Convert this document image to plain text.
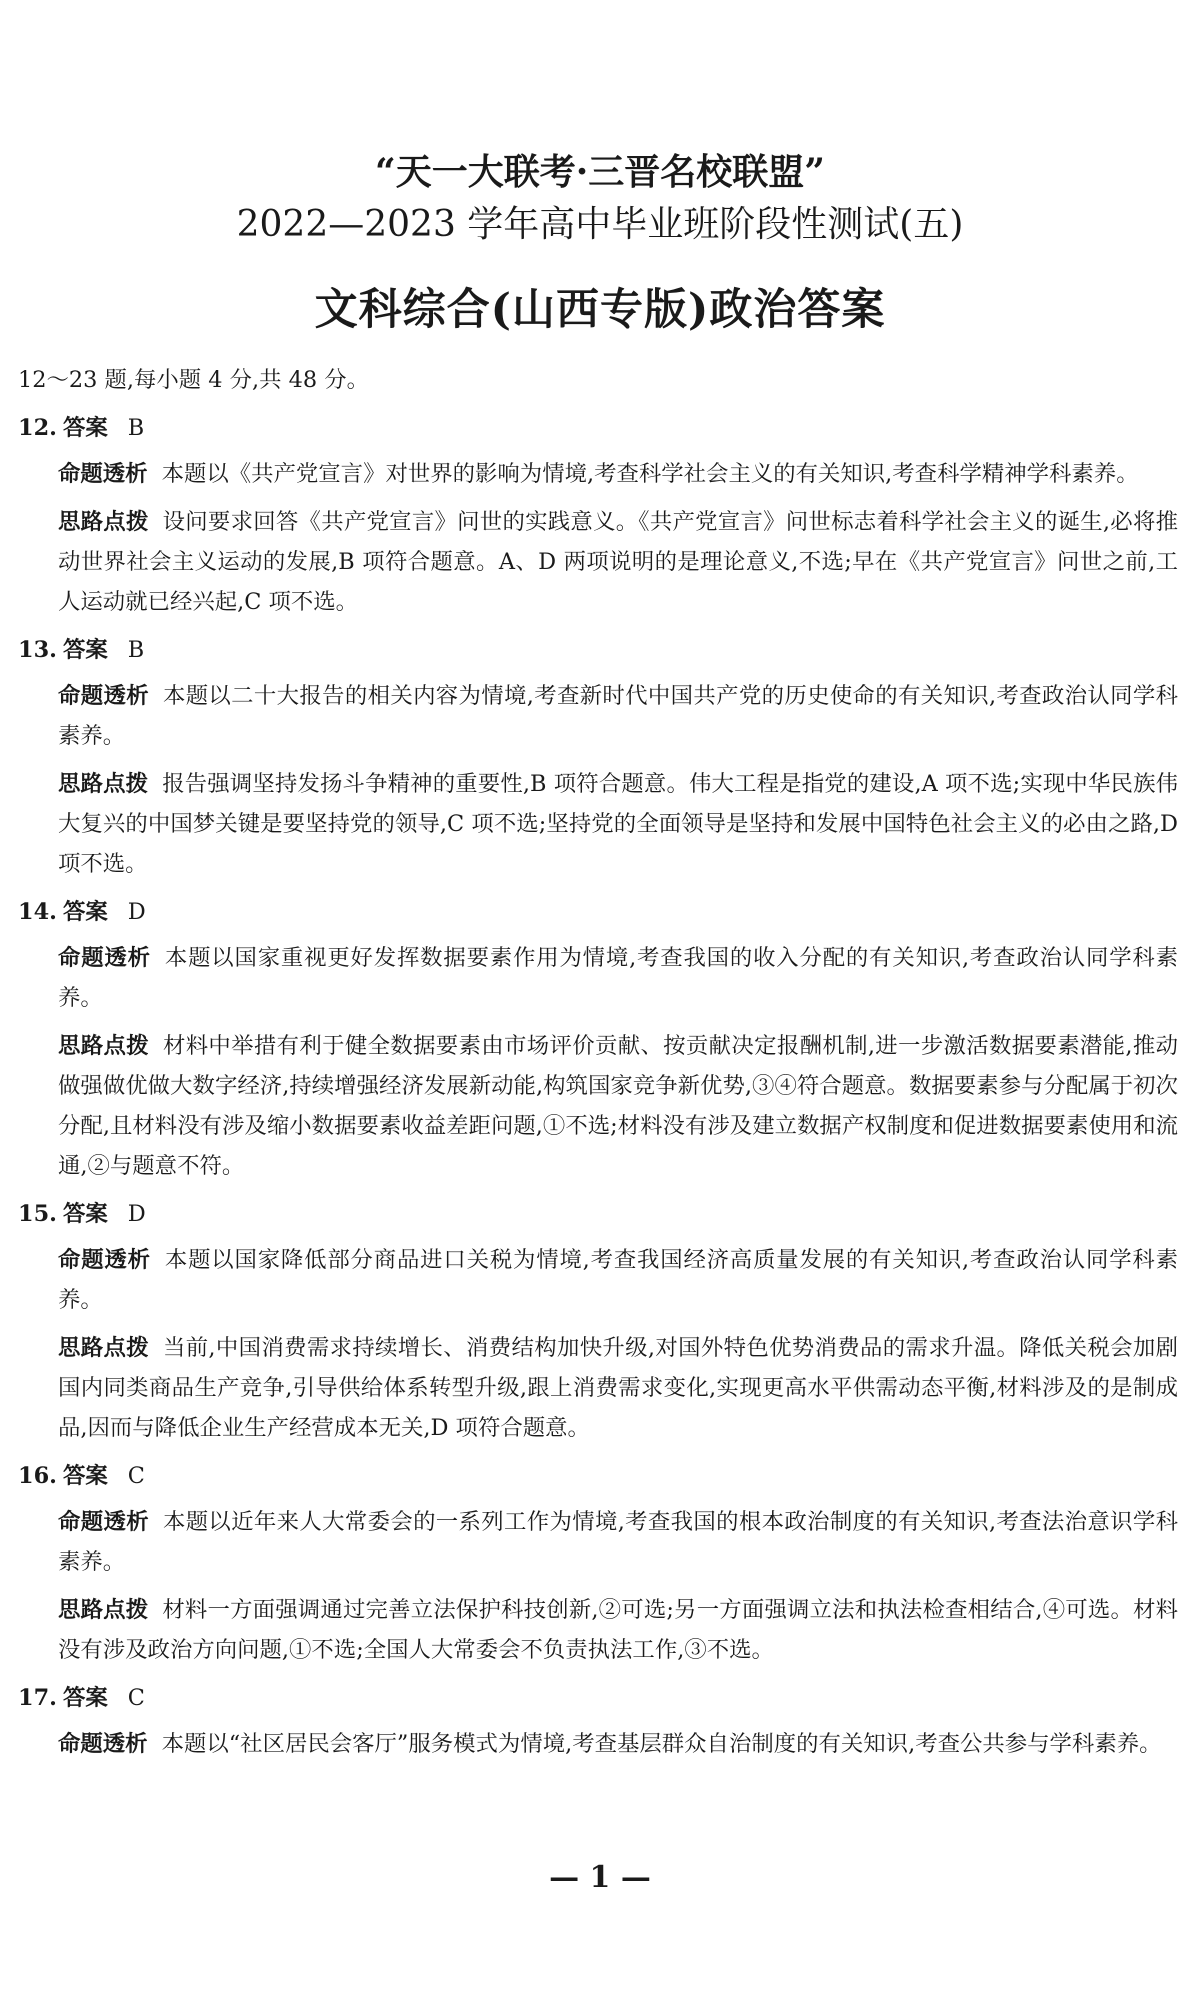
“天一大联考·三晋名校联盟”
2022—2023 学年高中毕业班阶段性测试(五)
文科综合(山西专版)政治答案

12～23 题,每小题 4 分,共 48 分。

12. 答案 B

命题透析 本题以《共产党宣言》对世界的影响为情境,考查科学社会主义的有关知识,考查科学精神学科素养。

思路点拨 设问要求回答《共产党宣言》问世的实践意义。《共产党宣言》问世标志着科学社会主义的诞生,必将推动世界社会主义运动的发展,B 项符合题意。A、D 两项说明的是理论意义,不选;早在《共产党宣言》问世之前,工人运动就已经兴起,C 项不选。

13. 答案 B

命题透析 本题以二十大报告的相关内容为情境,考查新时代中国共产党的历史使命的有关知识,考查政治认同学科素养。

思路点拨 报告强调坚持发扬斗争精神的重要性,B 项符合题意。伟大工程是指党的建设,A 项不选;实现中华民族伟大复兴的中国梦关键是要坚持党的领导,C 项不选;坚持党的全面领导是坚持和发展中国特色社会主义的必由之路,D 项不选。

14. 答案 D

命题透析 本题以国家重视更好发挥数据要素作用为情境,考查我国的收入分配的有关知识,考查政治认同学科素养。

思路点拨 材料中举措有利于健全数据要素由市场评价贡献、按贡献决定报酬机制,进一步激活数据要素潜能,推动做强做优做大数字经济,持续增强经济发展新动能,构筑国家竞争新优势,③④符合题意。数据要素参与分配属于初次分配,且材料没有涉及缩小数据要素收益差距问题,①不选;材料没有涉及建立数据产权制度和促进数据要素使用和流通,②与题意不符。

15. 答案 D

命题透析 本题以国家降低部分商品进口关税为情境,考查我国经济高质量发展的有关知识,考查政治认同学科素养。

思路点拨 当前,中国消费需求持续增长、消费结构加快升级,对国外特色优势消费品的需求升温。降低关税会加剧国内同类商品生产竞争,引导供给体系转型升级,跟上消费需求变化,实现更高水平供需动态平衡,材料涉及的是制成品,因而与降低企业生产经营成本无关,D 项符合题意。

16. 答案 C

命题透析 本题以近年来人大常委会的一系列工作为情境,考查我国的根本政治制度的有关知识,考查法治意识学科素养。

思路点拨 材料一方面强调通过完善立法保护科技创新,②可选;另一方面强调立法和执法检查相结合,④可选。材料没有涉及政治方向问题,①不选;全国人大常委会不负责执法工作,③不选。

17. 答案 C

命题透析 本题以“社区居民会客厅”服务模式为情境,考查基层群众自治制度的有关知识,考查公共参与学科素养。

— 1 —
